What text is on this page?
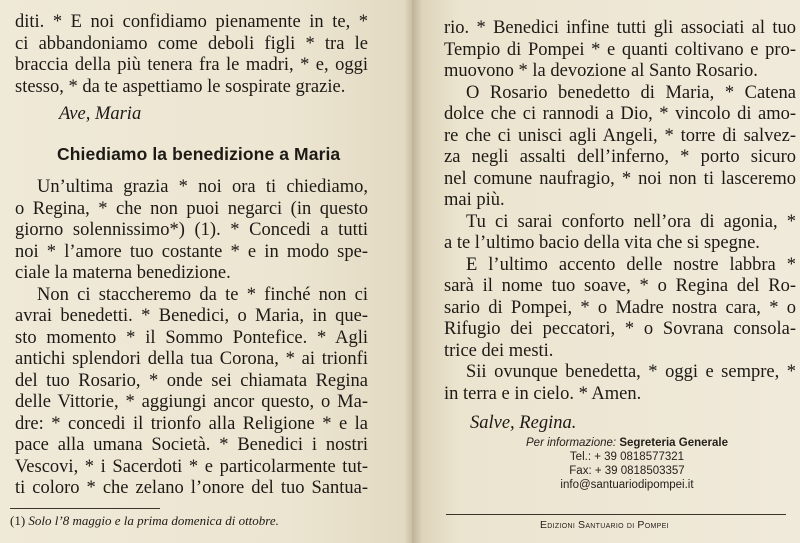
diti. * E noi confidiamo pienamente in te, *
ci abbandoniamo come deboli figli * tra le
braccia della più tenera fra le madri, * e, oggi
stesso, * da te aspettiamo le sospirate grazie.

Ave, Maria

Chiediamo la benedizione a Maria
Un’ultima grazia * noi ora ti chiediamo,
o Regina, * che non puoi negarci (in questo
giorno solennissimo*) (1). * Concedi a tutti
noi * l’amore tuo costante * e in modo spe-
ciale la materna benedizione.
Non ci staccheremo da te * finché non ci
avrai benedetti. * Benedici, o Maria, in que-
sto momento * il Sommo Pontefice. * Agli
antichi splendori della tua Corona, * ai trionfi
del tuo Rosario, * onde sei chiamata Regina
delle Vittorie, * aggiungi ancor questo, o Ma-
dre: * concedi il trionfo alla Religione * e la
pace alla umana Società. * Benedici i nostri
Vescovi, * i Sacerdoti * e particolarmente tut-
ti coloro * che zelano l’onore del tuo Santua-
(1) Solo l’8 maggio e la prima domenica di ottobre.
rio. * Benedici infine tutti gli associati al tuo
Tempio di Pompei * e quanti coltivano e pro-
muovono * la devozione al Santo Rosario.
O Rosario benedetto di Maria, * Catena
dolce che ci rannodi a Dio, * vincolo di amo-
re che ci unisci agli Angeli, * torre di salvez-
za negli assalti dell’inferno, * porto sicuro
nel comune naufragio, * noi non ti lasceremo
mai più.
Tu ci sarai conforto nell’ora di agonia, *
a te l’ultimo bacio della vita che si spegne.
E l’ultimo accento delle nostre labbra *
sarà il nome tuo soave, * o Regina del Ro-
sario di Pompei, * o Madre nostra cara, * o
Rifugio dei peccatori, * o Sovrana consola-
trice dei mesti.
Sii ovunque benedetta, * oggi e sempre, *
in terra e in cielo. * Amen.

Salve, Regina.

Per informazione: Segreteria Generale
Tel.: + 39 0818577321
Fax: + 39 0818503357
info@santuariodipompei.it
Edizioni Santuario di Pompei
